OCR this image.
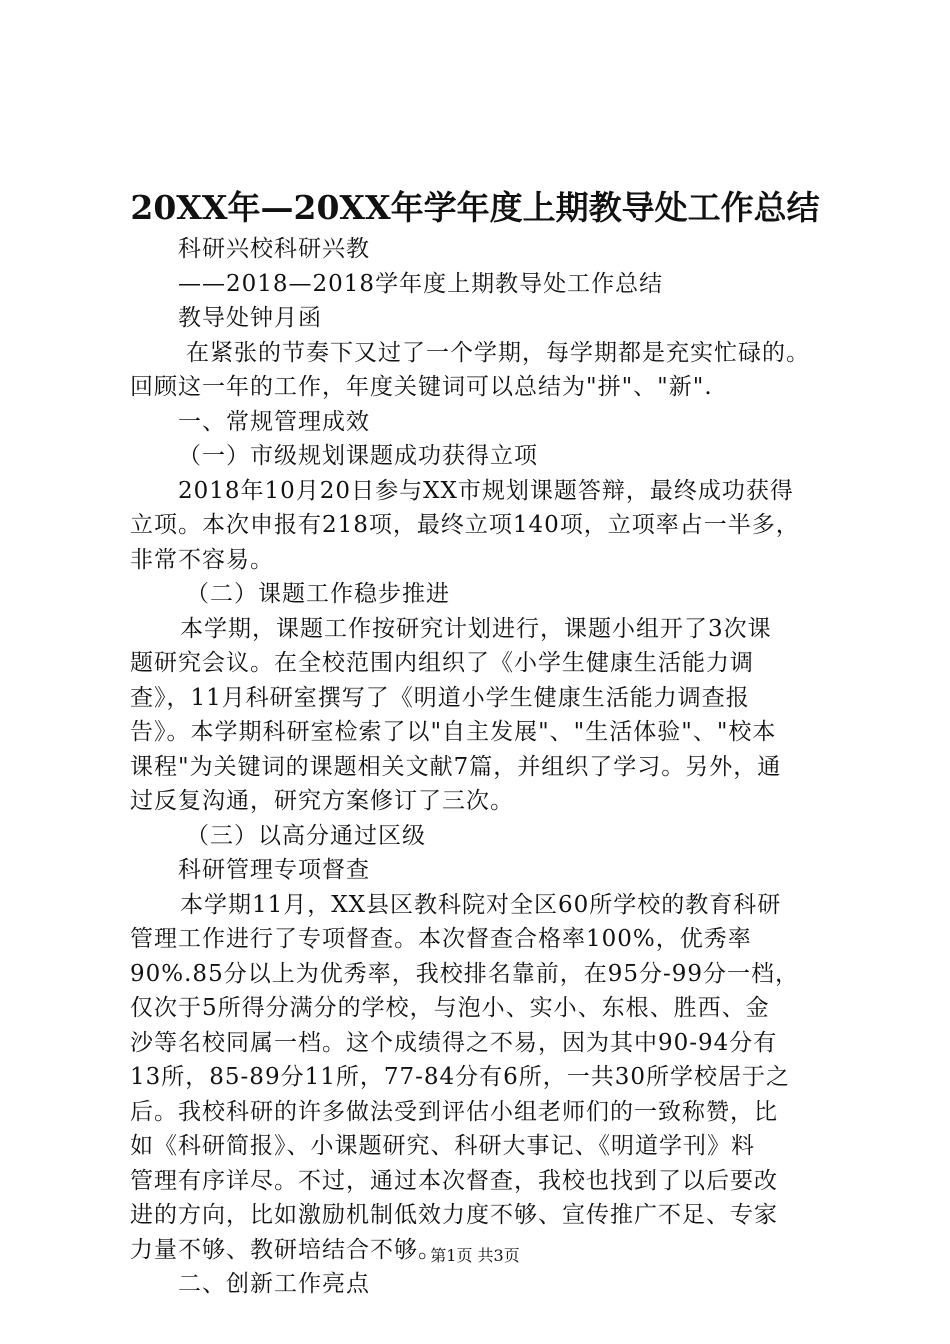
20XX年—20XX年学年度上期教导处工作总结
科研兴校科研兴教
——2018—2018学年度上期教导处工作总结
教导处钟月函
在紧张的节奏下又过了一个学期，每学期都是充实忙碌的。
回顾这一年的工作，年度关键词可以总结为"拼"、"新".
一、常规管理成效
（一）市级规划课题成功获得立项
2018年10月20日参与XX市规划课题答辩，最终成功获得
立项。本次申报有218项，最终立项140项，立项率占一半多，
非常不容易。
（二）课题工作稳步推进
本学期，课题工作按研究计划进行，课题小组开了3次课
题研究会议。在全校范围内组织了《小学生健康生活能力调
查》，11月科研室撰写了《明道小学生健康生活能力调查报
告》。本学期科研室检索了以"自主发展"、"生活体验"、"校本
课程"为关键词的课题相关文献7篇，并组织了学习。另外，通
过反复沟通，研究方案修订了三次。
（三）以高分通过区级
科研管理专项督查
本学期11月，XX县区教科院对全区60所学校的教育科研
管理工作进行了专项督查。本次督查合格率100%，优秀率
90%.85分以上为优秀率，我校排名靠前，在95分-99分一档，
仅次于5所得分满分的学校，与泡小、实小、东根、胜西、金
沙等名校同属一档。这个成绩得之不易，因为其中90-94分有
13所，85-89分11所，77-84分有6所，一共30所学校居于之
后。我校科研的许多做法受到评估小组老师们的一致称赞，比
如《科研简报》、小课题研究、科研大事记、《明道学刊》料
管理有序详尽。不过，通过本次督查，我校也找到了以后要改
进的方向，比如激励机制低效力度不够、宣传推广不足、专家
力量不够、教研培结合不够。
二、创新工作亮点
第1页 共3页
